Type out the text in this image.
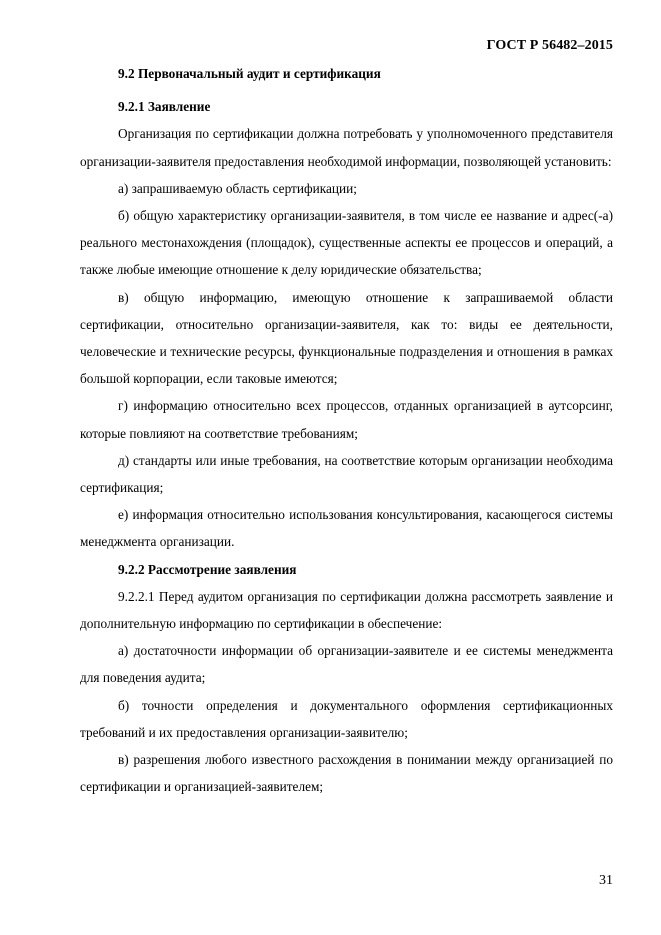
ГОСТ Р 56482–2015

9.2 Первоначальный аудит и сертификация

9.2.1 Заявление

Организация по сертификации должна потребовать у уполномоченного представителя организации-заявителя предоставления необходимой информации, позволяющей установить:

а) запрашиваемую область сертификации;

б) общую характеристику организации-заявителя, в том числе ее название и адрес(-а) реального местонахождения (площадок), существенные аспекты ее процессов и операций, а также любые имеющие отношение к делу юридические обязательства;

в) общую информацию, имеющую отношение к запрашиваемой области сертификации, относительно организации-заявителя, как то: виды ее деятельности, человеческие и технические ресурсы, функциональные подразделения и отношения в рамках большой корпорации, если таковые имеются;

г) информацию относительно всех процессов, отданных организацией в аутсорсинг, которые повлияют на соответствие требованиям;

д) стандарты или иные требования, на соответствие которым организации необходима сертификация;

е) информация относительно использования консультирования, касающегося системы менеджмента организации.

9.2.2 Рассмотрение заявления

9.2.2.1 Перед аудитом организация по сертификации должна рассмотреть заявление и дополнительную информацию по сертификации в обеспечение:

а) достаточности информации об организации-заявителе и ее системы менеджмента для поведения аудита;

б) точности определения и документального оформления сертификационных требований и их предоставления организации-заявителю;

в) разрешения любого известного расхождения в понимании между организацией по сертификации и организацией-заявителем;

31
